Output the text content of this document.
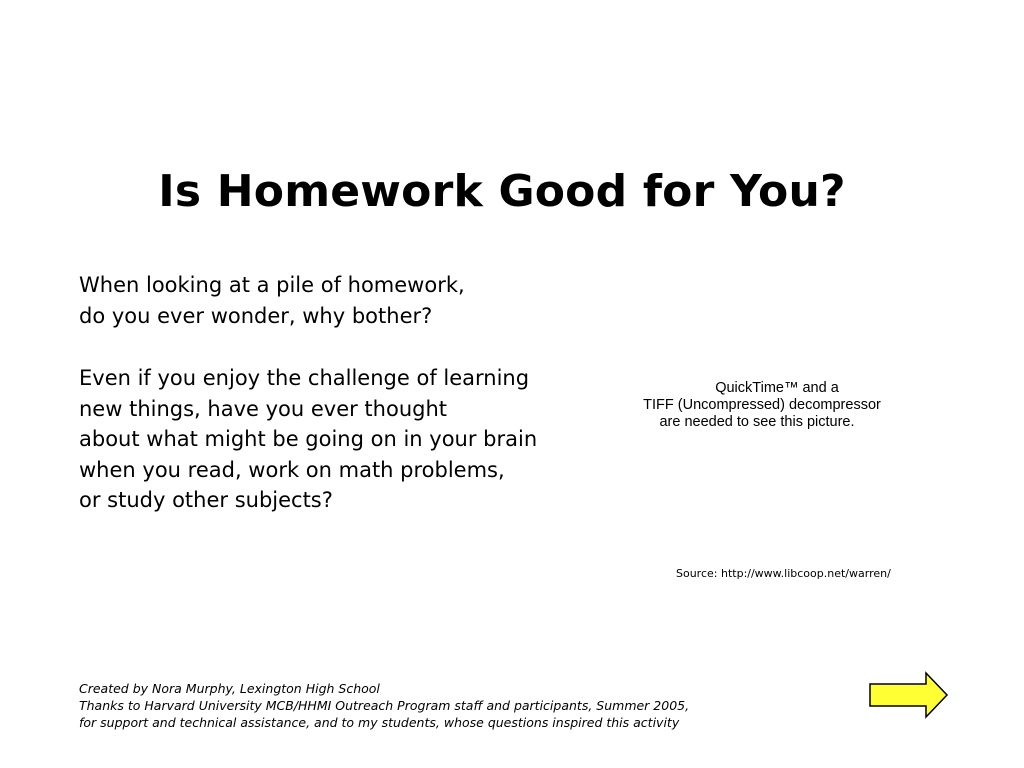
Is Homework Good for You?
When looking at a pile of homework,
do you ever wonder, why bother?
Even if you enjoy the challenge of learning
new things, have you ever thought
about what might be going on in your brain
when you read, work on math problems,
or study other subjects?
QuickTime™ and a
TIFF (Uncompressed) decompressor
are needed to see this picture.
Source: http://www.libcoop.net/warren/
Created by Nora Murphy, Lexington High School
Thanks to Harvard University MCB/HHMI Outreach Program staff and participants, Summer 2005,
for support and technical assistance, and to my students, whose questions inspired this activity
